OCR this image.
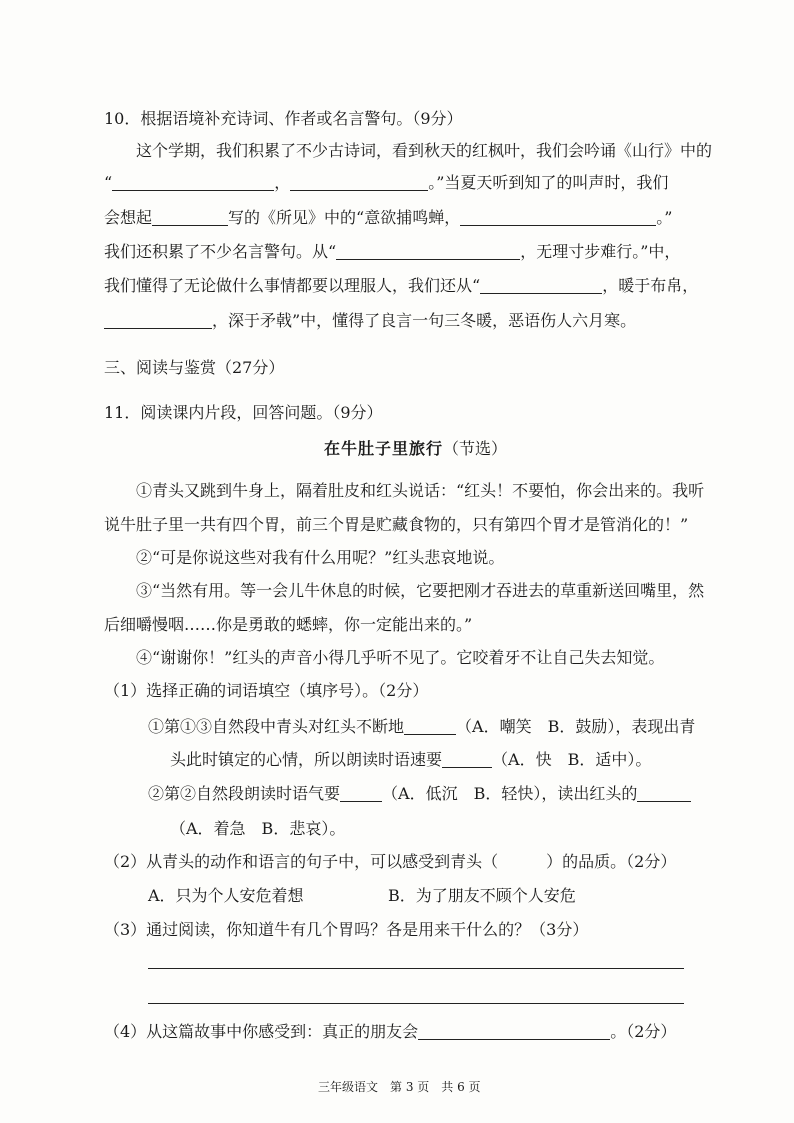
10．根据语境补充诗词、作者或名言警句。（9分）
这个学期，我们积累了不少古诗词，看到秋天的红枫叶，我们会吟诵《山行》中的
“	，	。”当夏天听到知了的叫声时，我们
会想起	写的《所见》中的“意欲捕鸣蝉，	。”
我们还积累了不少名言警句。从“	，无理寸步难行。”中，
我们懂得了无论做什么事情都要以理服人，我们还从“	，暖于布帛，
，深于矛戟”中，懂得了良言一句三冬暖，恶语伤人六月寒。
三、阅读与鉴赏（27分）
11．阅读课内片段，回答问题。（9分）
在牛肚子里旅行（节选）
①青头又跳到牛身上，隔着肚皮和红头说话：“红头！不要怕，你会出来的。我听
说牛肚子里一共有四个胃，前三个胃是贮藏食物的，只有第四个胃才是管消化的！”
②“可是你说这些对我有什么用呢？”红头悲哀地说。
③“当然有用。等一会儿牛休息的时候，它要把刚才吞进去的草重新送回嘴里，然
后细嚼慢咽……你是勇敢的蟋蟀，你一定能出来的。”
④“谢谢你！”红头的声音小得几乎听不见了。它咬着牙不让自己失去知觉。
（1）选择正确的词语填空（填序号）。（2分）
①第①③自然段中青头对红头不断地	（A．嘲笑　B．鼓励），表现出青
头此时镇定的心情，所以朗读时语速要	（A．快　B．适中）。
②第②自然段朗读时语气要	（A．低沉　B．轻快），读出红头的
（A．着急　B．悲哀）。
（2）从青头的动作和语言的句子中，可以感受到青头（　　　）的品质。（2分）
A．只为个人安危着想	B．为了朋友不顾个人安危
（3）通过阅读，你知道牛有几个胃吗？各是用来干什么的？（3分）
（4）从这篇故事中你感受到：真正的朋友会	。（2分）
三年级语文　第 3 页　共 6 页
